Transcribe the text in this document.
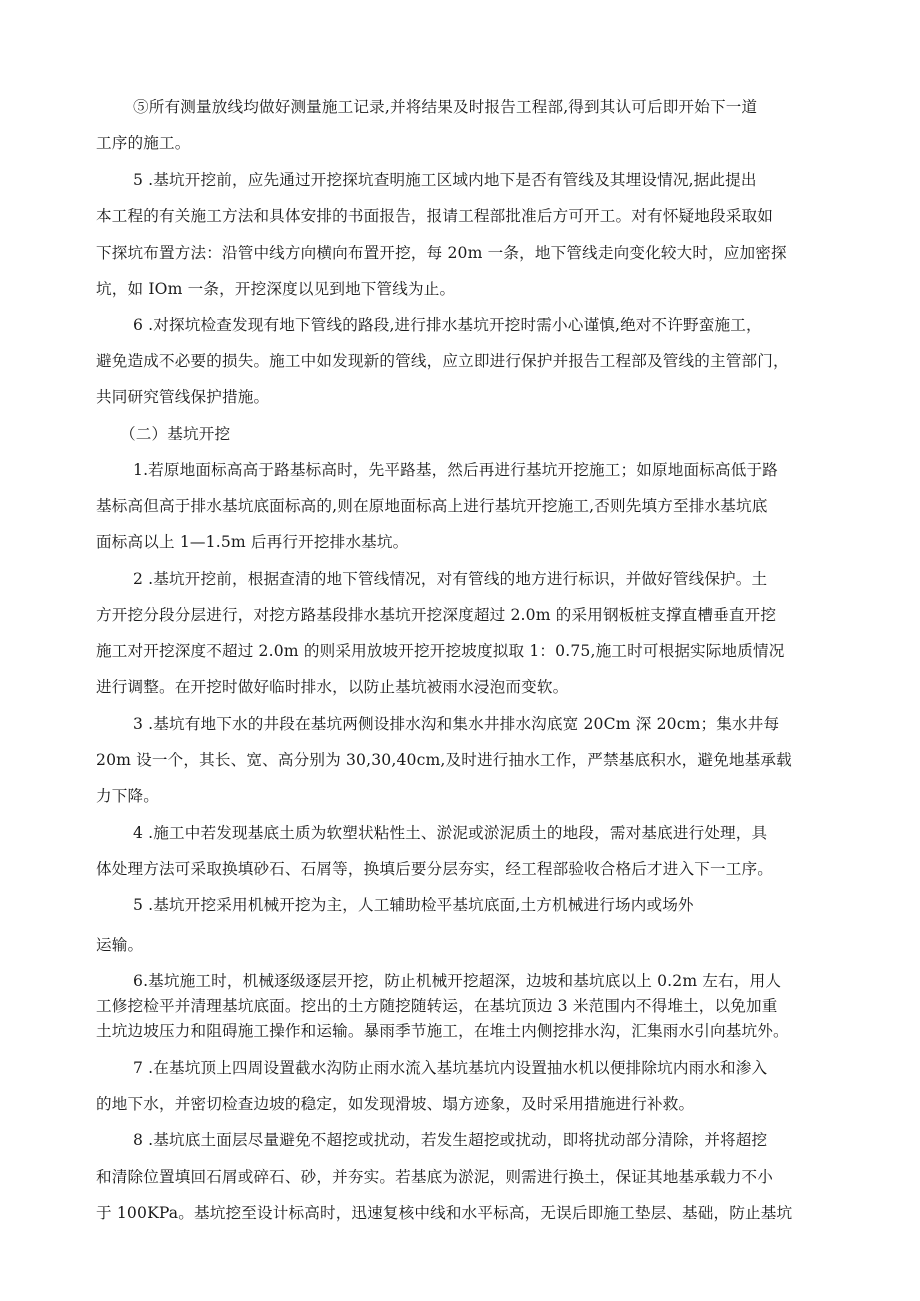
⑤所有测量放线均做好测量施工记录,并将结果及时报告工程部,得到其认可后即开始下一道
工序的施工。
5 .基坑开挖前，应先通过开挖探坑查明施工区域内地下是否有管线及其埋设情况,据此提出
本工程的有关施工方法和具体安排的书面报告，报请工程部批准后方可开工。对有怀疑地段采取如
下探坑布置方法：沿管中线方向横向布置开挖，每 20m 一条，地下管线走向变化较大时，应加密探
坑，如 IOm 一条，开挖深度以见到地下管线为止。
6 .对探坑检查发现有地下管线的路段,进行排水基坑开挖时需小心谨慎,绝对不许野蛮施工，
避免造成不必要的损失。施工中如发现新的管线，应立即进行保护并报告工程部及管线的主管部门，
共同研究管线保护措施。
（二）基坑开挖
1.若原地面标高高于路基标高时，先平路基，然后再进行基坑开挖施工；如原地面标高低于路
基标高但高于排水基坑底面标高的,则在原地面标高上进行基坑开挖施工,否则先填方至排水基坑底
面标高以上 1—1.5m 后再行开挖排水基坑。
2 .基坑开挖前，根据查清的地下管线情况，对有管线的地方进行标识，并做好管线保护。土
方开挖分段分层进行，对挖方路基段排水基坑开挖深度超过 2.0m 的采用钢板桩支撑直槽垂直开挖
施工对开挖深度不超过 2.0m 的则采用放坡开挖开挖坡度拟取 1：0.75,施工时可根据实际地质情况
进行调整。在开挖时做好临时排水，以防止基坑被雨水浸泡而变软。
3 .基坑有地下水的井段在基坑两侧设排水沟和集水井排水沟底宽 20Cm 深 20cm；集水井每
20m 设一个，其长、宽、高分别为 30,30,40cm,及时进行抽水工作，严禁基底积水，避免地基承载
力下降。
4 .施工中若发现基底土质为软塑状粘性土、淤泥或淤泥质土的地段，需对基底进行处理，具
体处理方法可采取换填砂石、石屑等，换填后要分层夯实，经工程部验收合格后才进入下一工序。
5 .基坑开挖采用机械开挖为主，人工辅助检平基坑底面,土方机械进行场内或场外
运输。
6.基坑施工时，机械逐级逐层开挖，防止机械开挖超深，边坡和基坑底以上 0.2m 左右，用人
工修挖检平并清理基坑底面。挖出的土方随挖随转运，在基坑顶边 3 米范围内不得堆土，以免加重
土坑边坡压力和阻碍施工操作和运输。暴雨季节施工，在堆土内侧挖排水沟，汇集雨水引向基坑外。
7 .在基坑顶上四周设置截水沟防止雨水流入基坑基坑内设置抽水机以便排除坑内雨水和渗入
的地下水，并密切检查边坡的稳定，如发现滑坡、塌方迹象，及时采用措施进行补救。
8 .基坑底土面层尽量避免不超挖或扰动，若发生超挖或扰动，即将扰动部分清除，并将超挖
和清除位置填回石屑或碎石、砂，并夯实。若基底为淤泥，则需进行换土，保证其地基承载力不小
于 100KPa。基坑挖至设计标高时，迅速复核中线和水平标高，无误后即施工垫层、基础，防止基坑
